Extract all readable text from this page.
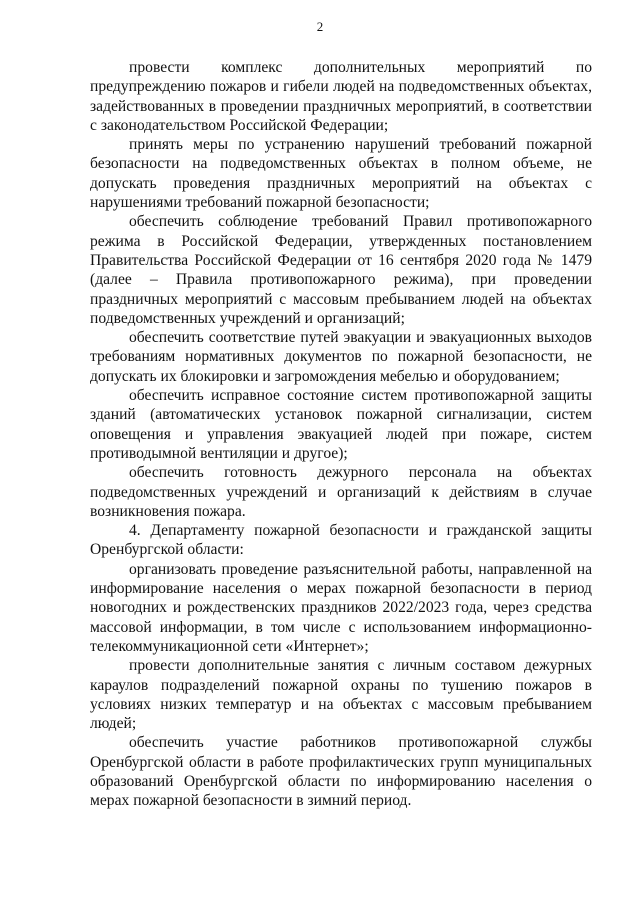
2

провести комплекс дополнительных мероприятий по предупреждению пожаров и гибели людей на подведомственных объектах, задействованных в проведении праздничных мероприятий, в соответствии с законодательством Российской Федерации;

принять меры по устранению нарушений требований пожарной безопасности на подведомственных объектах в полном объеме, не допускать проведения праздничных мероприятий на объектах с нарушениями требований пожарной безопасности;

обеспечить соблюдение требований Правил противопожарного режима в Российской Федерации, утвержденных постановлением Правительства Российской Федерации от 16 сентября 2020 года № 1479 (далее – Правила противопожарного режима), при проведении праздничных мероприятий с массовым пребыванием людей на объектах подведомственных учреждений и организаций;

обеспечить соответствие путей эвакуации и эвакуационных выходов требованиям нормативных документов по пожарной безопасности, не допускать их блокировки и загромождения мебелью и оборудованием;

обеспечить исправное состояние систем противопожарной защиты зданий (автоматических установок пожарной сигнализации, систем оповещения и управления эвакуацией людей при пожаре, систем противодымной вентиляции и другое);

обеспечить готовность дежурного персонала на объектах подведомственных учреждений и организаций к действиям в случае возникновения пожара.

4. Департаменту пожарной безопасности и гражданской защиты Оренбургской области:

организовать проведение разъяснительной работы, направленной на информирование населения о мерах пожарной безопасности в период новогодних и рождественских праздников 2022/2023 года, через средства массовой информации, в том числе с использованием информационно-телекоммуникационной сети «Интернет»;

провести дополнительные занятия с личным составом дежурных караулов подразделений пожарной охраны по тушению пожаров в условиях низких температур и на объектах с массовым пребыванием людей;

обеспечить участие работников противопожарной службы Оренбургской области в работе профилактических групп муниципальных образований Оренбургской области по информированию населения о мерах пожарной безопасности в зимний период.
